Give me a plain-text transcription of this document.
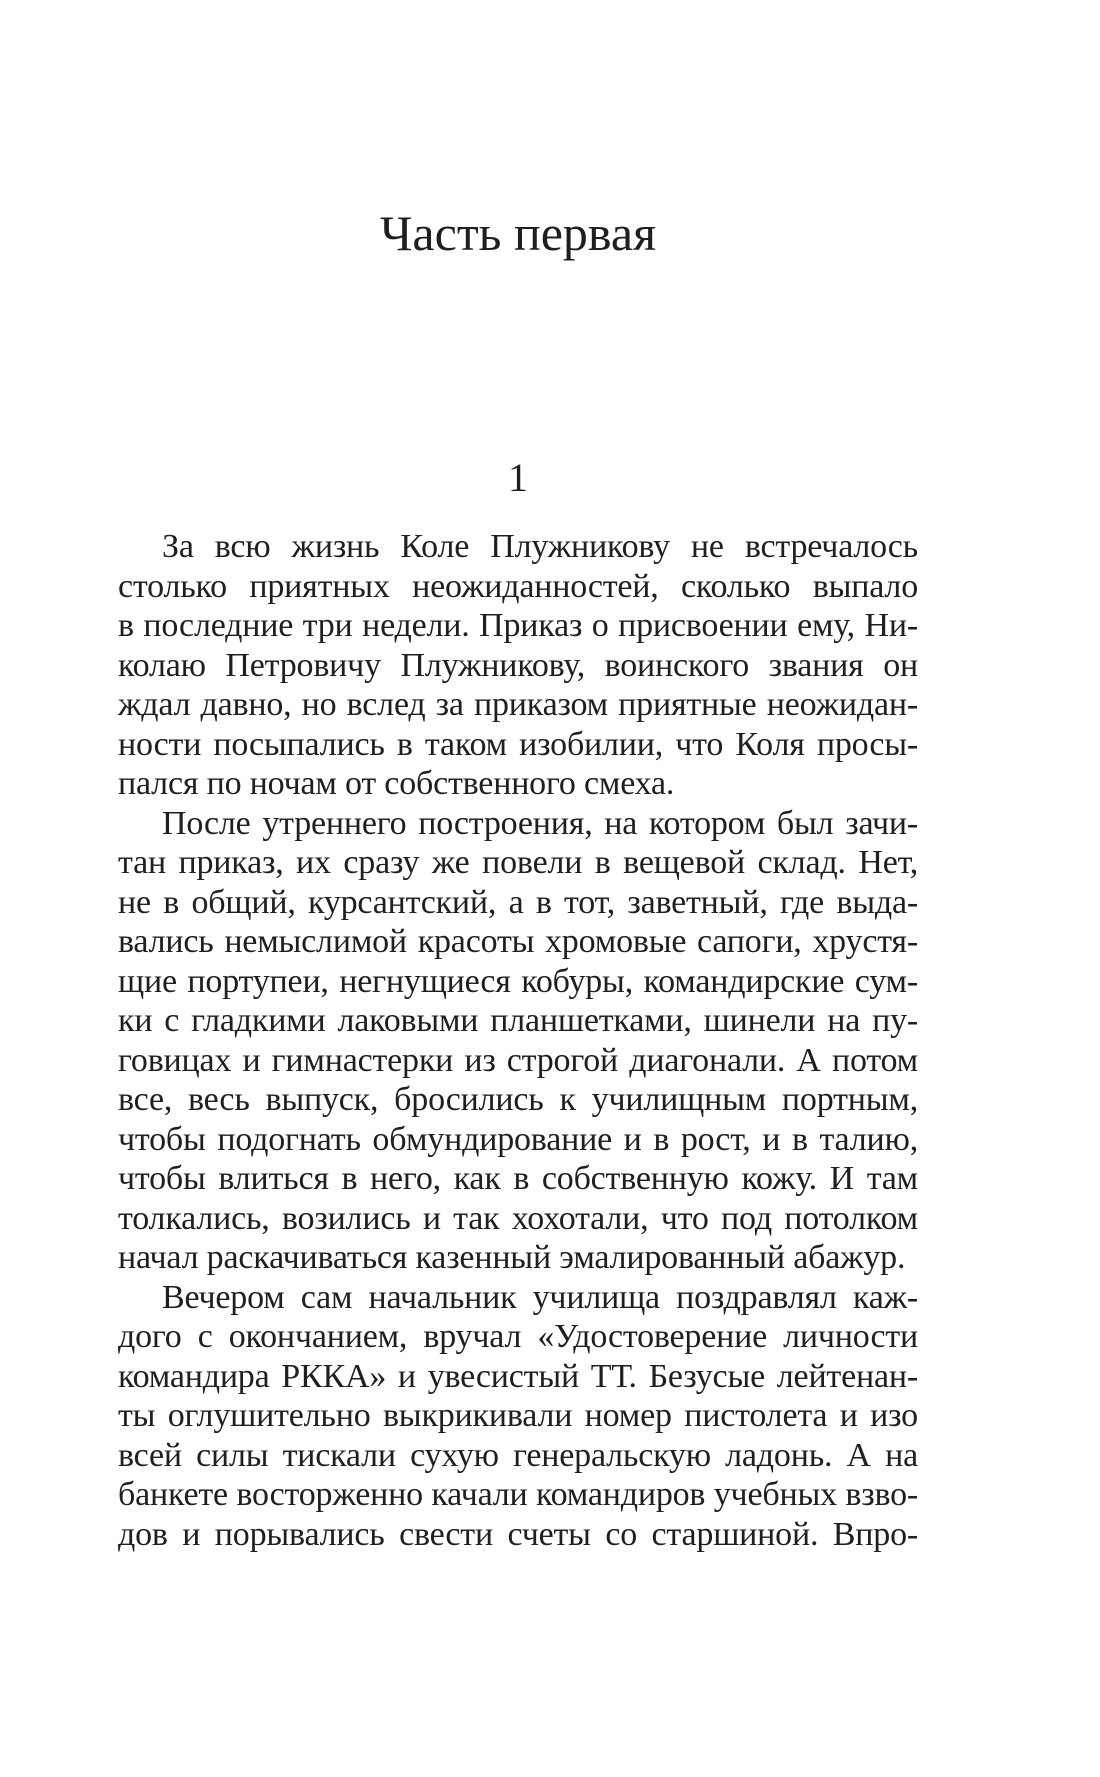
Часть первая
1
За всю жизнь Коле Плужникову не встречалось
столько приятных неожиданностей, сколько выпало
в последние три недели. Приказ о присвоении ему, Ни-
колаю Петровичу Плужникову, воинского звания он
ждал давно, но вслед за приказом приятные неожидан-
ности посыпались в таком изобилии, что Коля просы-
пался по ночам от собственного смеха.
После утреннего построения, на котором был зачи-
тан приказ, их сразу же повели в вещевой склад. Нет,
не в общий, курсантский, а в тот, заветный, где выда-
вались немыслимой красоты хромовые сапоги, хрустя-
щие портупеи, негнущиеся кобуры, командирские сум-
ки с гладкими лаковыми планшетками, шинели на пу-
говицах и гимнастерки из строгой диагонали. А потом
все, весь выпуск, бросились к училищным портным,
чтобы подогнать обмундирование и в рост, и в талию,
чтобы влиться в него, как в собственную кожу. И там
толкались, возились и так хохотали, что под потолком
начал раскачиваться казенный эмалированный абажур.
Вечером сам начальник училища поздравлял каж-
дого с окончанием, вручал «Удостоверение личности
командира РККА» и увесистый ТТ. Безусые лейтенан-
ты оглушительно выкрикивали номер пистолета и изо
всей силы тискали сухую генеральскую ладонь. А на
банкете восторженно качали командиров учебных взво-
дов и порывались свести счеты со старшиной. Впро-
